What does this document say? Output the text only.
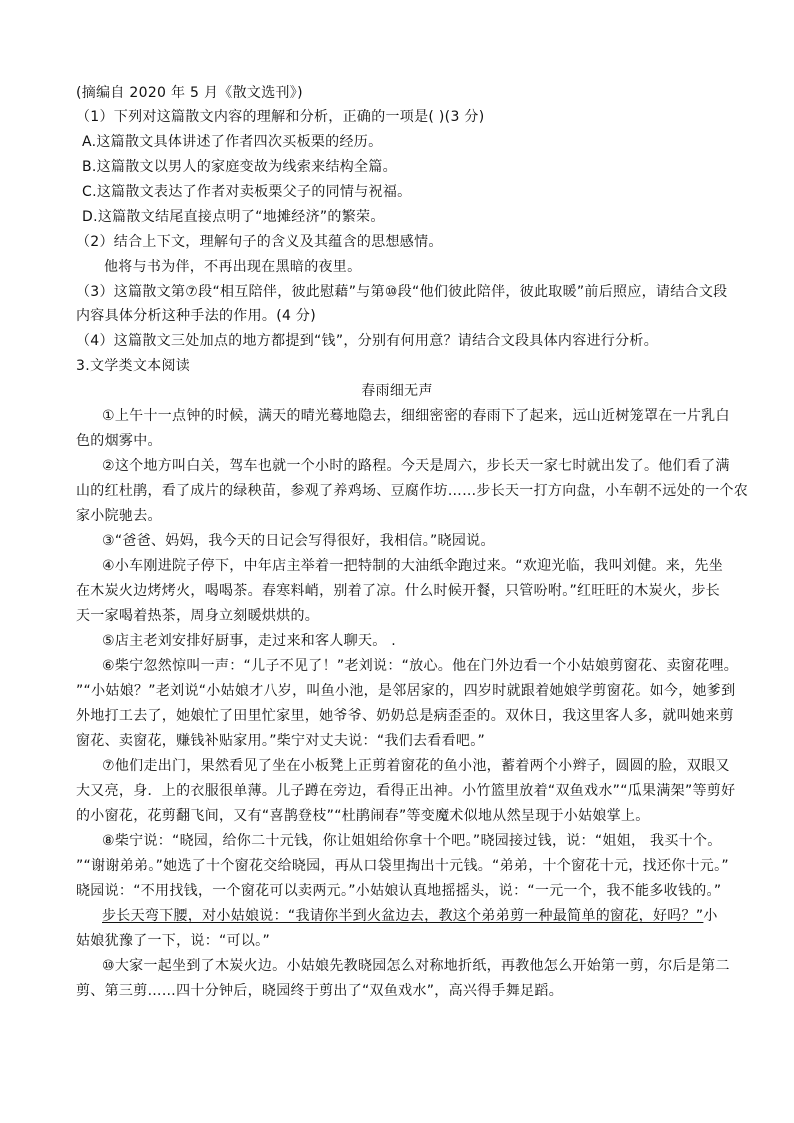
(摘编自 2020 年 5 月《散文选刊》)
（1）下列对这篇散文内容的理解和分析，正确的一项是( )(3 分)
A.这篇散文具体讲述了作者四次买板栗的经历。
B.这篇散文以男人的家庭变故为线索来结构全篇。
C.这篇散文表达了作者对卖板栗父子的同情与祝福。
D.这篇散文结尾直接点明了“地摊经济”的繁荣。
（2）结合上下文，理解句子的含义及其蕴含的思想感情。
他将与书为伴，不再出现在黑暗的夜里。
（3）这篇散文第⑦段“相互陪伴，彼此慰藉”与第⑩段“他们彼此陪伴，彼此取暖”前后照应，请结合文段
内容具体分析这种手法的作用。(4 分)
（4）这篇散文三处加点的地方都提到“钱”，分别有何用意？请结合文段具体内容进行分析。
3.文学类文本阅读
春雨细无声
①上午十一点钟的时候，满天的晴光蓦地隐去，细细密密的春雨下了起来，远山近树笼罩在一片乳白
色的烟雾中。
②这个地方叫白关，驾车也就一个小时的路程。今天是周六，步长天一家七时就出发了。他们看了满
山的红杜鹃，看了成片的绿秧苗，参观了养鸡场、豆腐作坊……步长天一打方向盘，小车朝不远处的一个农
家小院驰去。
③“爸爸、妈妈，我今天的日记会写得很好，我相信。”晓园说。
④小车刚进院子停下，中年店主举着一把特制的大油纸伞跑过来。“欢迎光临，我叫刘健。来，先坐
在木炭火边烤烤火，喝喝茶。春寒料峭，别着了凉。什么时候开餐，只管吩咐。”红旺旺的木炭火，步长
天一家喝着热茶，周身立刻暖烘烘的。
⑤店主老刘安排好厨事，走过来和客人聊天。 .
⑥柴宁忽然惊叫一声：“儿子不见了！”老刘说：“放心。他在门外边看一个小姑娘剪窗花、卖窗花哩。
”“小姑娘？”老刘说“小姑娘才八岁，叫鱼小池，是邻居家的，四岁时就跟着她娘学剪窗花。如今，她爹到
外地打工去了，她娘忙了田里忙家里，她爷爷、奶奶总是病歪歪的。双休日，我这里客人多，就叫她来剪
窗花、卖窗花，赚钱补贴家用。”柴宁对丈夫说：“我们去看看吧。”
⑦他们走出门，果然看见了坐在小板凳上正剪着窗花的鱼小池，蓄着两个小辫子，圆圆的脸，双眼又
大又亮，身．上的衣服很单薄。儿子蹲在旁边，看得正出神。小竹篮里放着“双鱼戏水”“瓜果满架”等剪好
的小窗花，花剪翻飞间，又有“喜鹊登枝”“杜鹃闹春”等变魔术似地从然呈现于小姑娘掌上。
⑧柴宁说：“晓园，给你二十元钱，你让姐姐给你拿十个吧。”晓园接过钱，说：“姐姐， 我买十个。
”“谢谢弟弟。”她选了十个窗花交给晓园，再从口袋里掏出十元钱。“弟弟，十个窗花十元，找还你十元。”
晓园说：“不用找钱，一个窗花可以卖两元。”小姑娘认真地摇摇头，说：“一元一个，我不能多收钱的。”
步长天弯下腰，对小姑娘说：“我请你半到火盆边去，教这个弟弟剪一种最简单的窗花，好吗？”小
姑娘犹豫了一下，说：“可以。”
⑩大家一起坐到了木炭火边。小姑娘先教晓园怎么对称地折纸，再教他怎么开始第一剪，尔后是第二
剪、第三剪……四十分钟后，晓园终于剪出了“双鱼戏水”，高兴得手舞足蹈。
